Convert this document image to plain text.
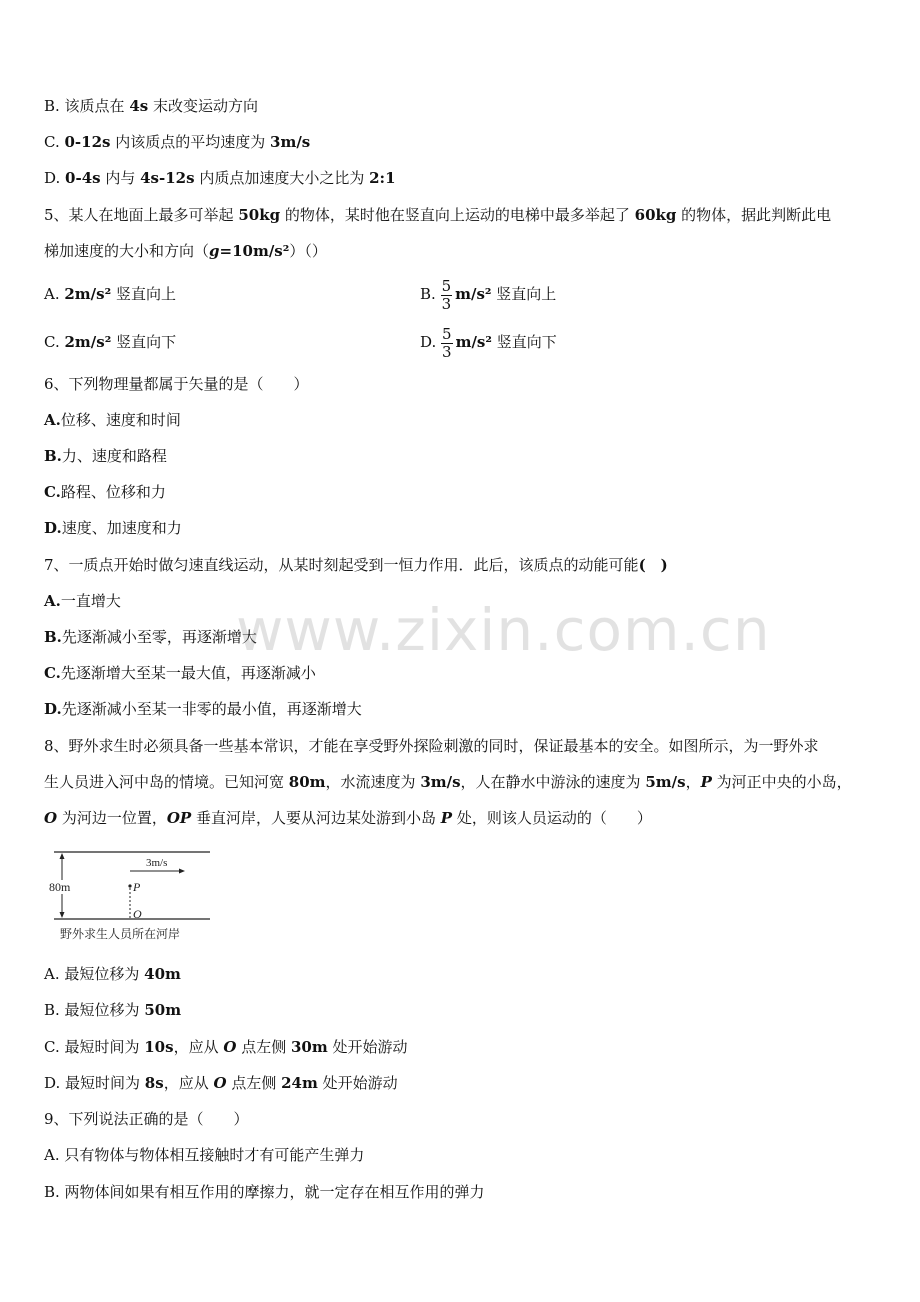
B. 该质点在 4s 末改变运动方向
C. 0-12s 内该质点的平均速度为 3m/s
D. 0-4s 内与 4s-12s 内质点加速度大小之比为 2:1
5、某人在地面上最多可举起 50kg 的物体，某时他在竖直向上运动的电梯中最多举起了 60kg 的物体，据此判断此电
梯加速度的大小和方向（g=10m/s²）（）
A. 2m/s² 竖直向上	B. $\frac{5}{3} m/s^2$ 竖直向上
C. 2m/s² 竖直向下	D. $\frac{5}{3} m/s^2$ 竖直向下
6、下列物理量都属于矢量的是（　　）
A.位移、速度和时间
B.力、速度和路程
C.路程、位移和力
D.速度、加速度和力
7、一质点开始时做匀速直线运动，从某时刻起受到一恒力作用．此后，该质点的动能可能(　)
A.一直增大
B.先逐渐减小至零，再逐渐增大
C.先逐渐增大至某一最大值，再逐渐减小
D.先逐渐减小至某一非零的最小值，再逐渐增大
8、野外求生时必须具备一些基本常识，才能在享受野外探险刺激的同时，保证最基本的安全。如图所示，为一野外求
生人员进入河中岛的情境。已知河宽 80m，水流速度为 3m/s，人在静水中游泳的速度为 5m/s，P 为河正中央的小岛，
O 为河边一位置，OP 垂直河岸，人要从河边某处游到小岛 P 处，则该人员运动的（　　）
80m
3m/s
P
O
野外求生人员所在河岸
A. 最短位移为 40m
B. 最短位移为 50m
C. 最短时间为 10s，应从 O 点左侧 30m 处开始游动
D. 最短时间为 8s，应从 O 点左侧 24m 处开始游动
9、下列说法正确的是（　　）
A. 只有物体与物体相互接触时才有可能产生弹力
B. 两物体间如果有相互作用的摩擦力，就一定存在相互作用的弹力
www.zixin.com.cn
